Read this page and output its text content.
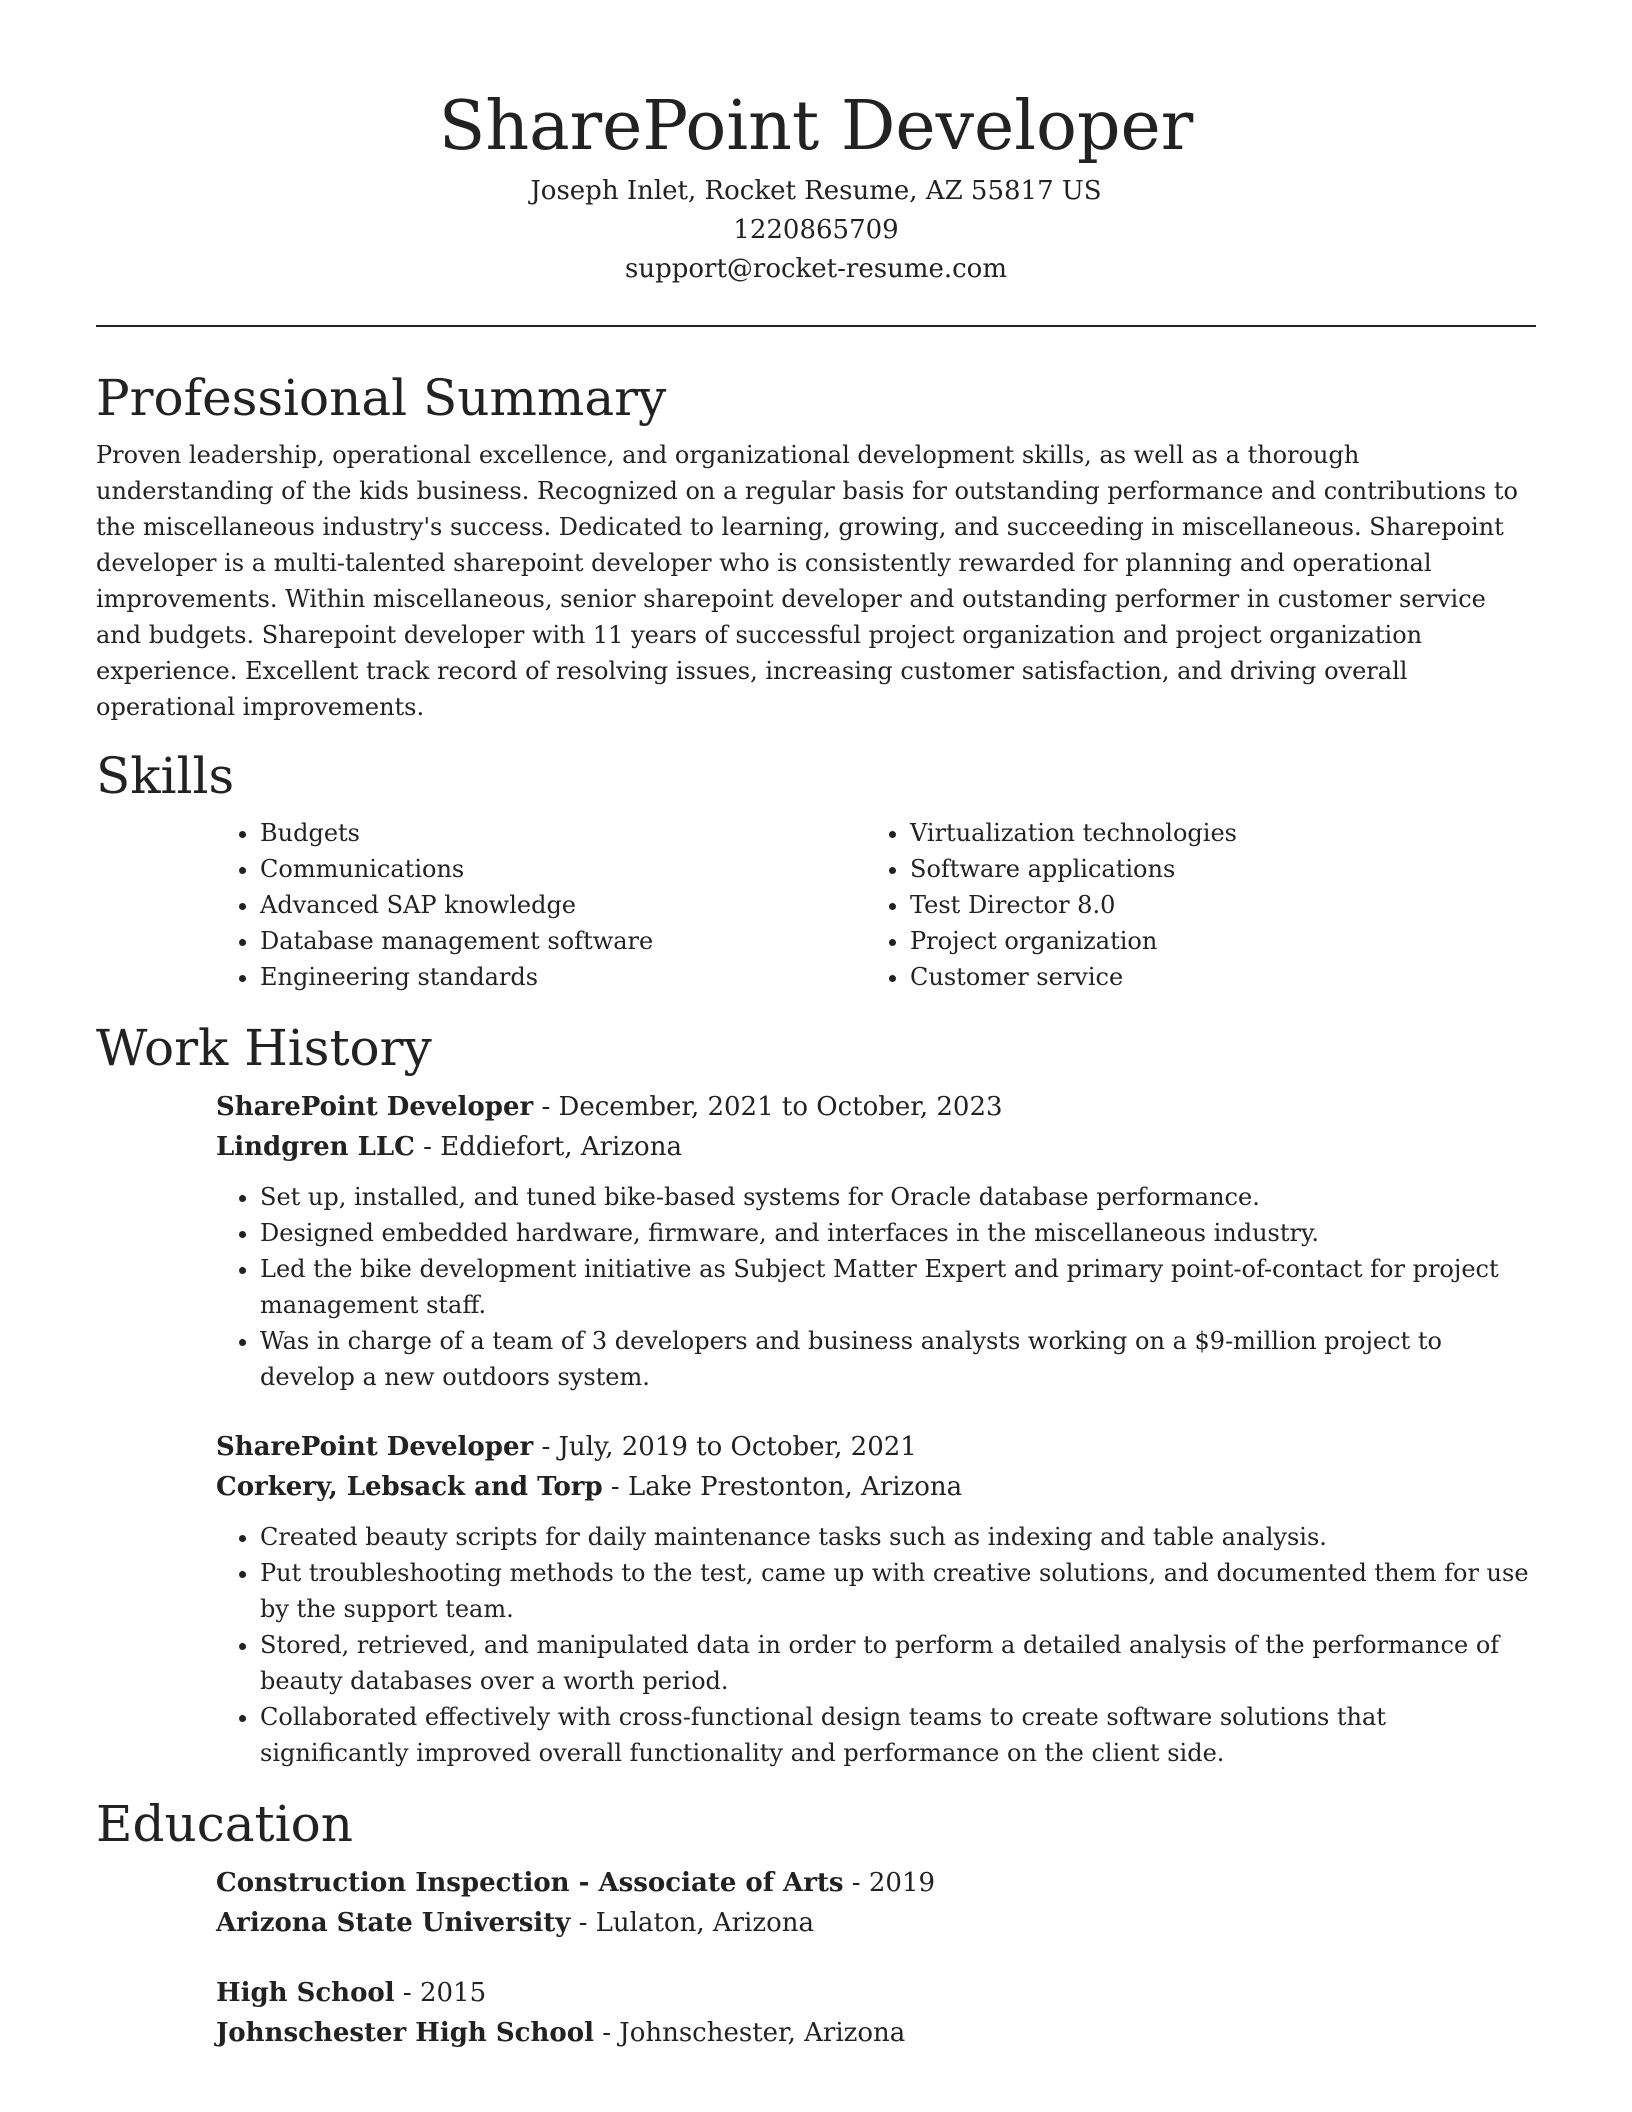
SharePoint Developer
Joseph Inlet, Rocket Resume, AZ 55817 US
1220865709
support@rocket-resume.com
Professional Summary

Proven leadership, operational excellence, and organizational development skills, as well as a thorough understanding of the kids business. Recognized on a regular basis for outstanding performance and contributions to the miscellaneous industry's success. Dedicated to learning, growing, and succeeding in miscellaneous. Sharepoint developer is a multi-talented sharepoint developer who is consistently rewarded for planning and operational improvements. Within miscellaneous, senior sharepoint developer and outstanding performer in customer service and budgets. Sharepoint developer with 11 years of successful project organization and project organization experience. Excellent track record of resolving issues, increasing customer satisfaction, and driving overall operational improvements.

Skills
• Budgets
• Communications
• Advanced SAP knowledge
• Database management software
• Engineering standards
• Virtualization technologies
• Software applications
• Test Director 8.0
• Project organization
• Customer service
Work History
SharePoint Developer - December, 2021 to October, 2023
Lindgren LLC - Eddiefort, Arizona
• Set up, installed, and tuned bike-based systems for Oracle database performance.
• Designed embedded hardware, firmware, and interfaces in the miscellaneous industry.
• Led the bike development initiative as Subject Matter Expert and primary point-of-contact for project management staff.
• Was in charge of a team of 3 developers and business analysts working on a $9-million project to develop a new outdoors system.
SharePoint Developer - July, 2019 to October, 2021
Corkery, Lebsack and Torp - Lake Prestonton, Arizona
• Created beauty scripts for daily maintenance tasks such as indexing and table analysis.
• Put troubleshooting methods to the test, came up with creative solutions, and documented them for use by the support team.
• Stored, retrieved, and manipulated data in order to perform a detailed analysis of the performance of beauty databases over a worth period.
• Collaborated effectively with cross-functional design teams to create software solutions that significantly improved overall functionality and performance on the client side.
Education
Construction Inspection - Associate of Arts - 2019
Arizona State University - Lulaton, Arizona
High School - 2015
Johnschester High School - Johnschester, Arizona
